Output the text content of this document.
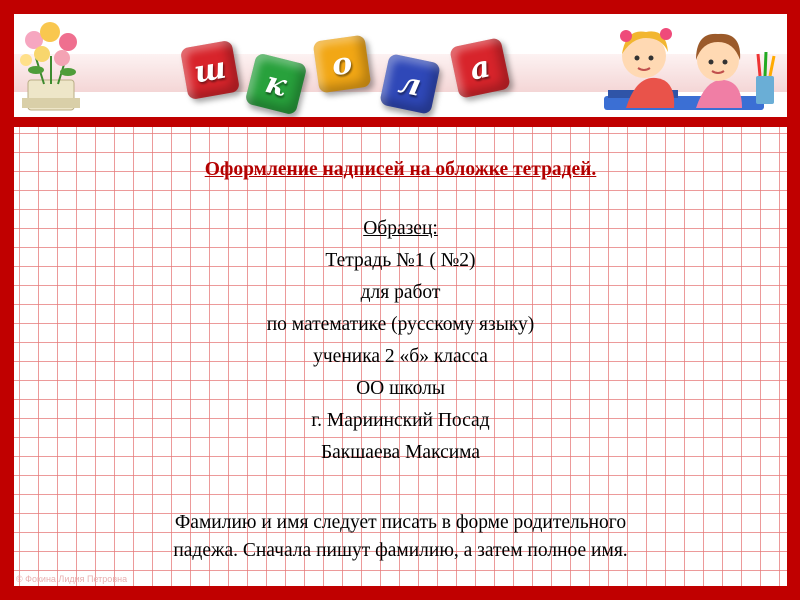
ш	к
о
л	а
Оформление надписей на обложке тетрадей.
Образец:
Тетрадь №1 ( №2)
для работ
по математике (русскому языку)
ученика 2 «б» класса
ОО школы
г. Мариинский Посад
Бакшаева Максима
Фамилию и имя следует писать в форме родительного
падежа. Сначала пишут фамилию, а затем полное имя.
© Фокина Лидия Петровна
